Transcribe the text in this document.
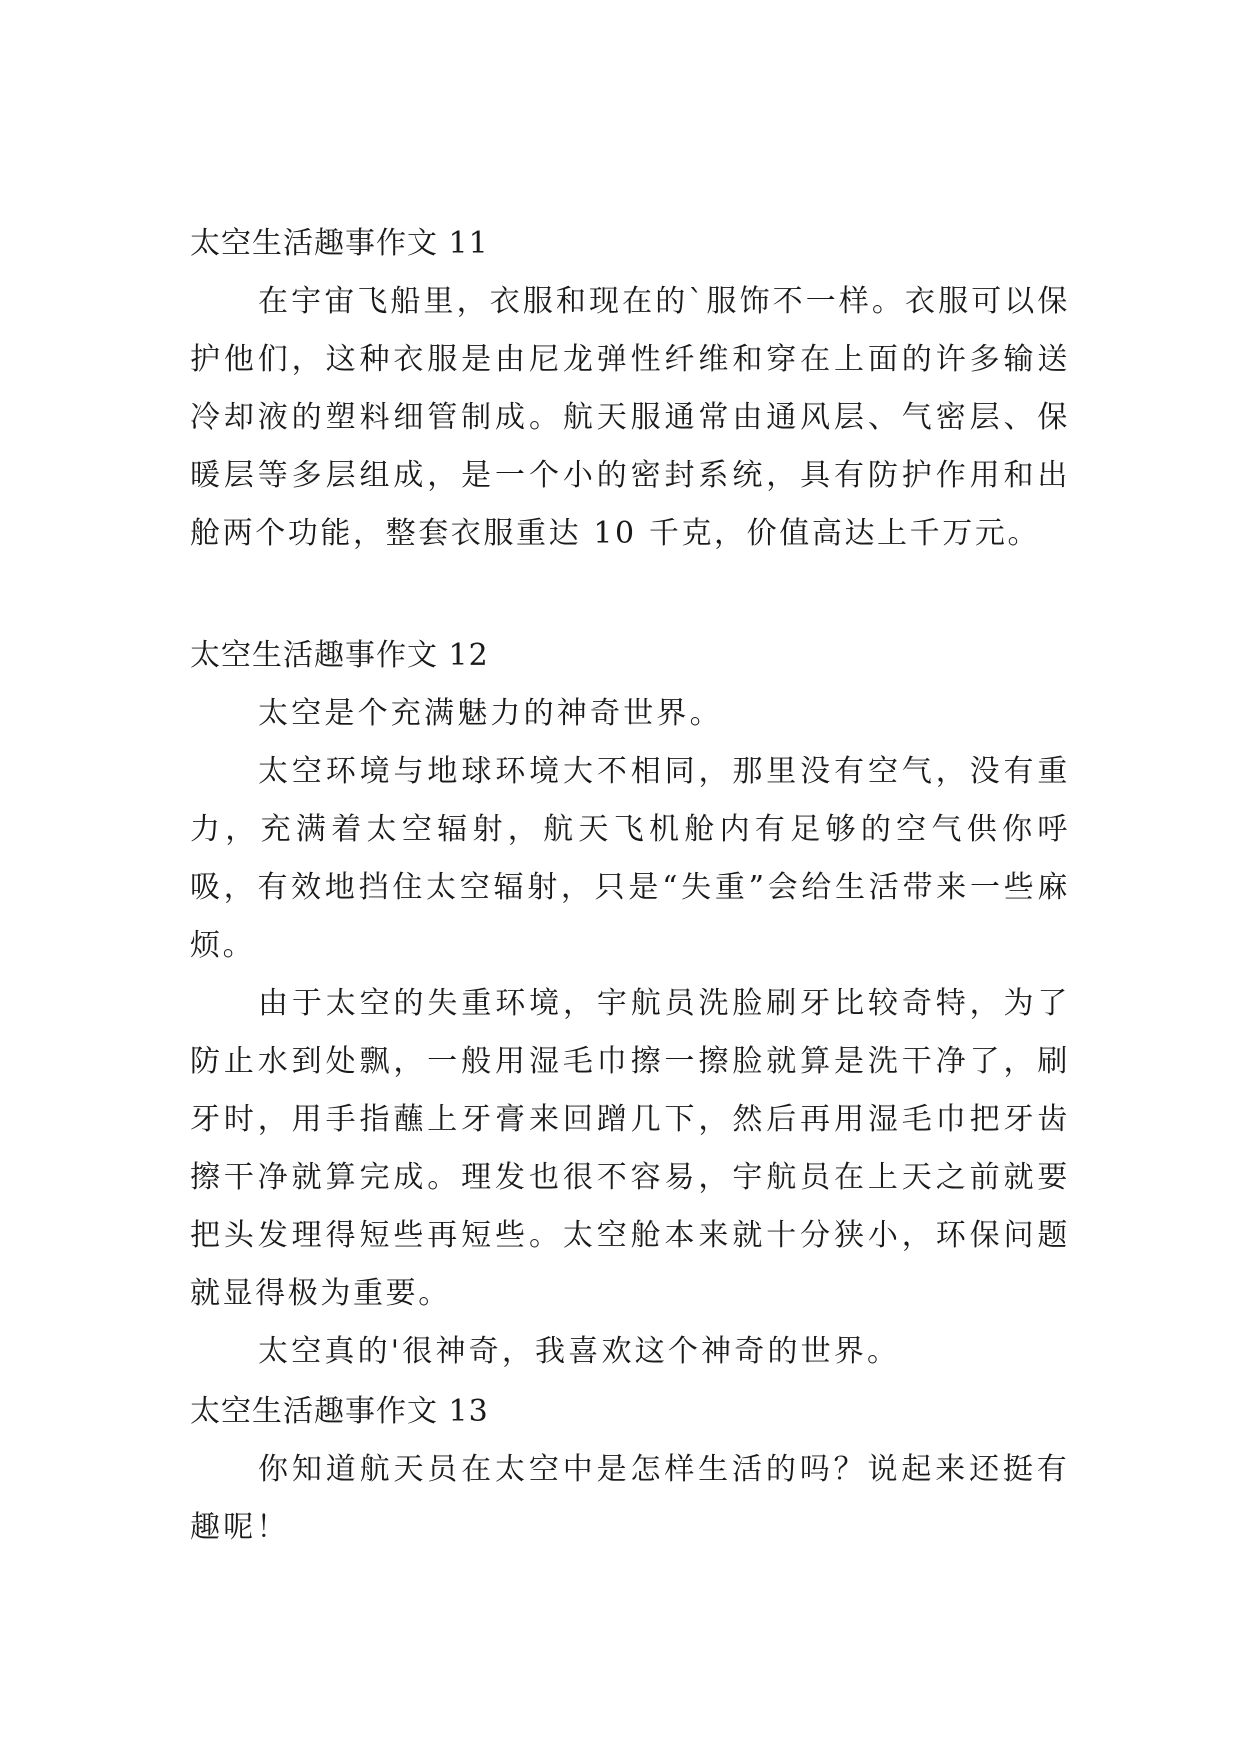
太空生活趣事作文 11

在宇宙飞船里，衣服和现在的`服饰不一样。衣服可以保护他们，这种衣服是由尼龙弹性纤维和穿在上面的许多输送冷却液的塑料细管制成。航天服通常由通风层、气密层、保暖层等多层组成，是一个小的密封系统，具有防护作用和出舱两个功能，整套衣服重达 10 千克，价值高达上千万元。

太空生活趣事作文 12

太空是个充满魅力的神奇世界。

太空环境与地球环境大不相同，那里没有空气，没有重力，充满着太空辐射，航天飞机舱内有足够的空气供你呼吸，有效地挡住太空辐射，只是“失重”会给生活带来一些麻烦。

由于太空的失重环境，宇航员洗脸刷牙比较奇特，为了防止水到处飘，一般用湿毛巾擦一擦脸就算是洗干净了，刷牙时，用手指蘸上牙膏来回蹭几下，然后再用湿毛巾把牙齿擦干净就算完成。理发也很不容易，宇航员在上天之前就要把头发理得短些再短些。太空舱本来就十分狭小，环保问题就显得极为重要。

太空真的'很神奇，我喜欢这个神奇的世界。

太空生活趣事作文 13

你知道航天员在太空中是怎样生活的吗？说起来还挺有趣呢！
